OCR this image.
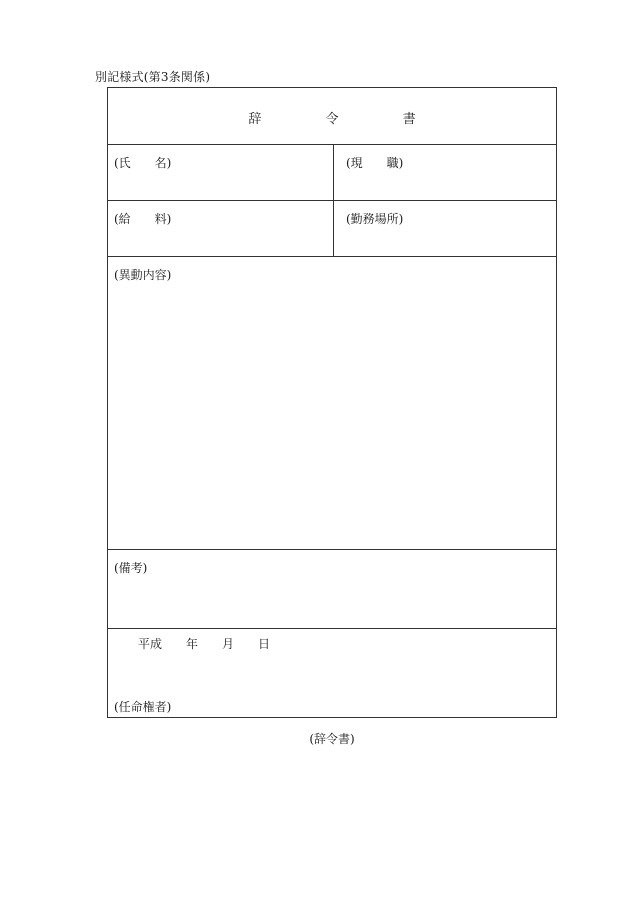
別記様式(第3条関係)
辞	令	書
(氏　　名)	(現　　職)
(給　　料)	(勤務場所)
(異動内容)
(備考)
平成 年 月 日
(任命権者)
(辞令書)
